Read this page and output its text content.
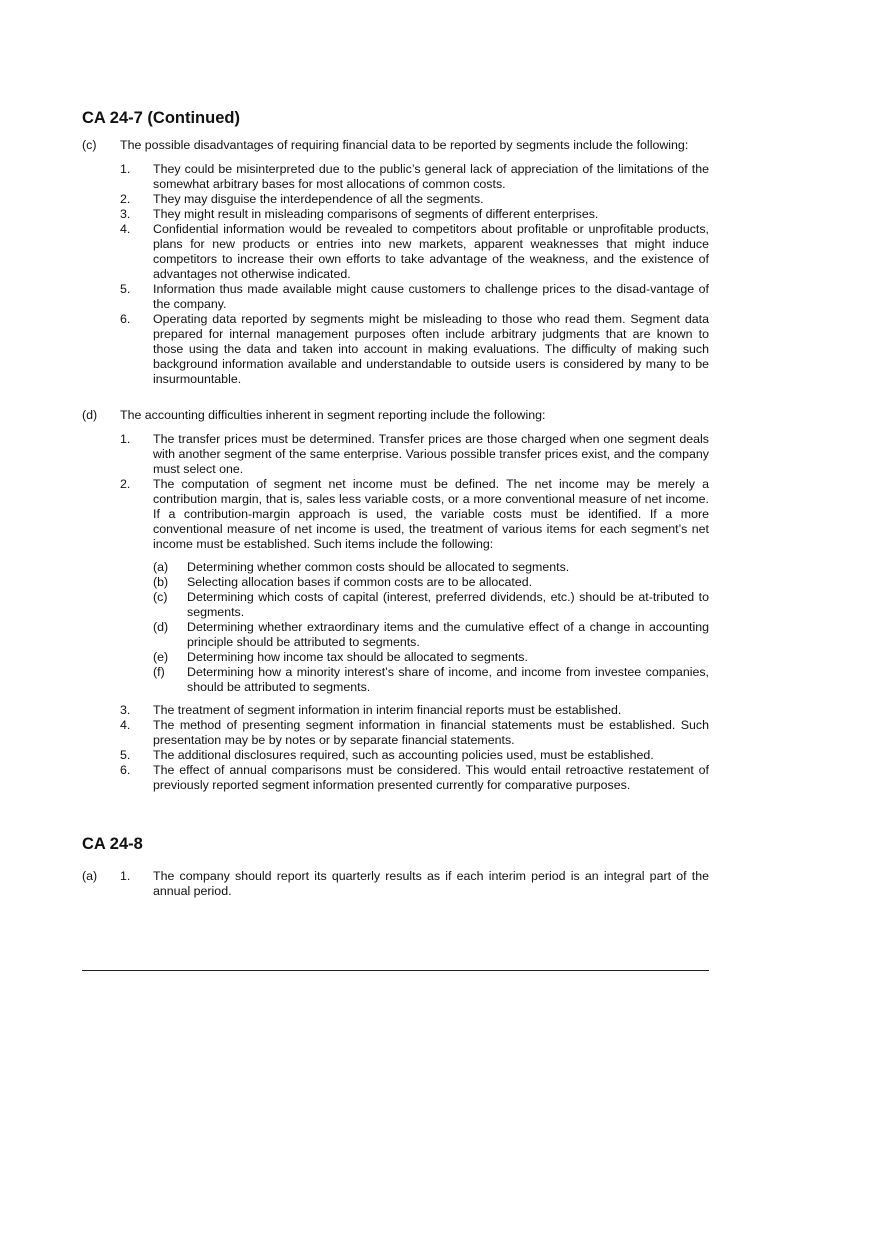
CA 24-7 (Continued)
(c) The possible disadvantages of requiring financial data to be reported by segments include the following:
1. They could be misinterpreted due to the public’s general lack of appreciation of the limitations of the somewhat arbitrary bases for most allocations of common costs.
2. They may disguise the interdependence of all the segments.
3. They might result in misleading comparisons of segments of different enterprises.
4. Confidential information would be revealed to competitors about profitable or unprofitable products, plans for new products or entries into new markets, apparent weaknesses that might induce competitors to increase their own efforts to take advantage of the weakness, and the existence of advantages not otherwise indicated.
5. Information thus made available might cause customers to challenge prices to the disad-vantage of the company.
6. Operating data reported by segments might be misleading to those who read them. Segment data prepared for internal management purposes often include arbitrary judgments that are known to those using the data and taken into account in making evaluations. The difficulty of making such background information available and understandable to outside users is considered by many to be insurmountable.
(d) The accounting difficulties inherent in segment reporting include the following:
1. The transfer prices must be determined. Transfer prices are those charged when one segment deals with another segment of the same enterprise. Various possible transfer prices exist, and the company must select one.
2. The computation of segment net income must be defined. The net income may be merely a contribution margin, that is, sales less variable costs, or a more conventional measure of net income. If a contribution-margin approach is used, the variable costs must be identified. If a more conventional measure of net income is used, the treatment of various items for each segment’s net income must be established. Such items include the following:
(a) Determining whether common costs should be allocated to segments.
(b) Selecting allocation bases if common costs are to be allocated.
(c) Determining which costs of capital (interest, preferred dividends, etc.) should be at-tributed to segments.
(d) Determining whether extraordinary items and the cumulative effect of a change in accounting principle should be attributed to segments.
(e) Determining how income tax should be allocated to segments.
(f) Determining how a minority interest’s share of income, and income from investee companies, should be attributed to segments.
3. The treatment of segment information in interim financial reports must be established.
4. The method of presenting segment information in financial statements must be established. Such presentation may be by notes or by separate financial statements.
5. The additional disclosures required, such as accounting policies used, must be established.
6. The effect of annual comparisons must be considered. This would entail retroactive restatement of previously reported segment information presented currently for comparative purposes.
CA 24-8
(a) 1. The company should report its quarterly results as if each interim period is an integral part of the annual period.
